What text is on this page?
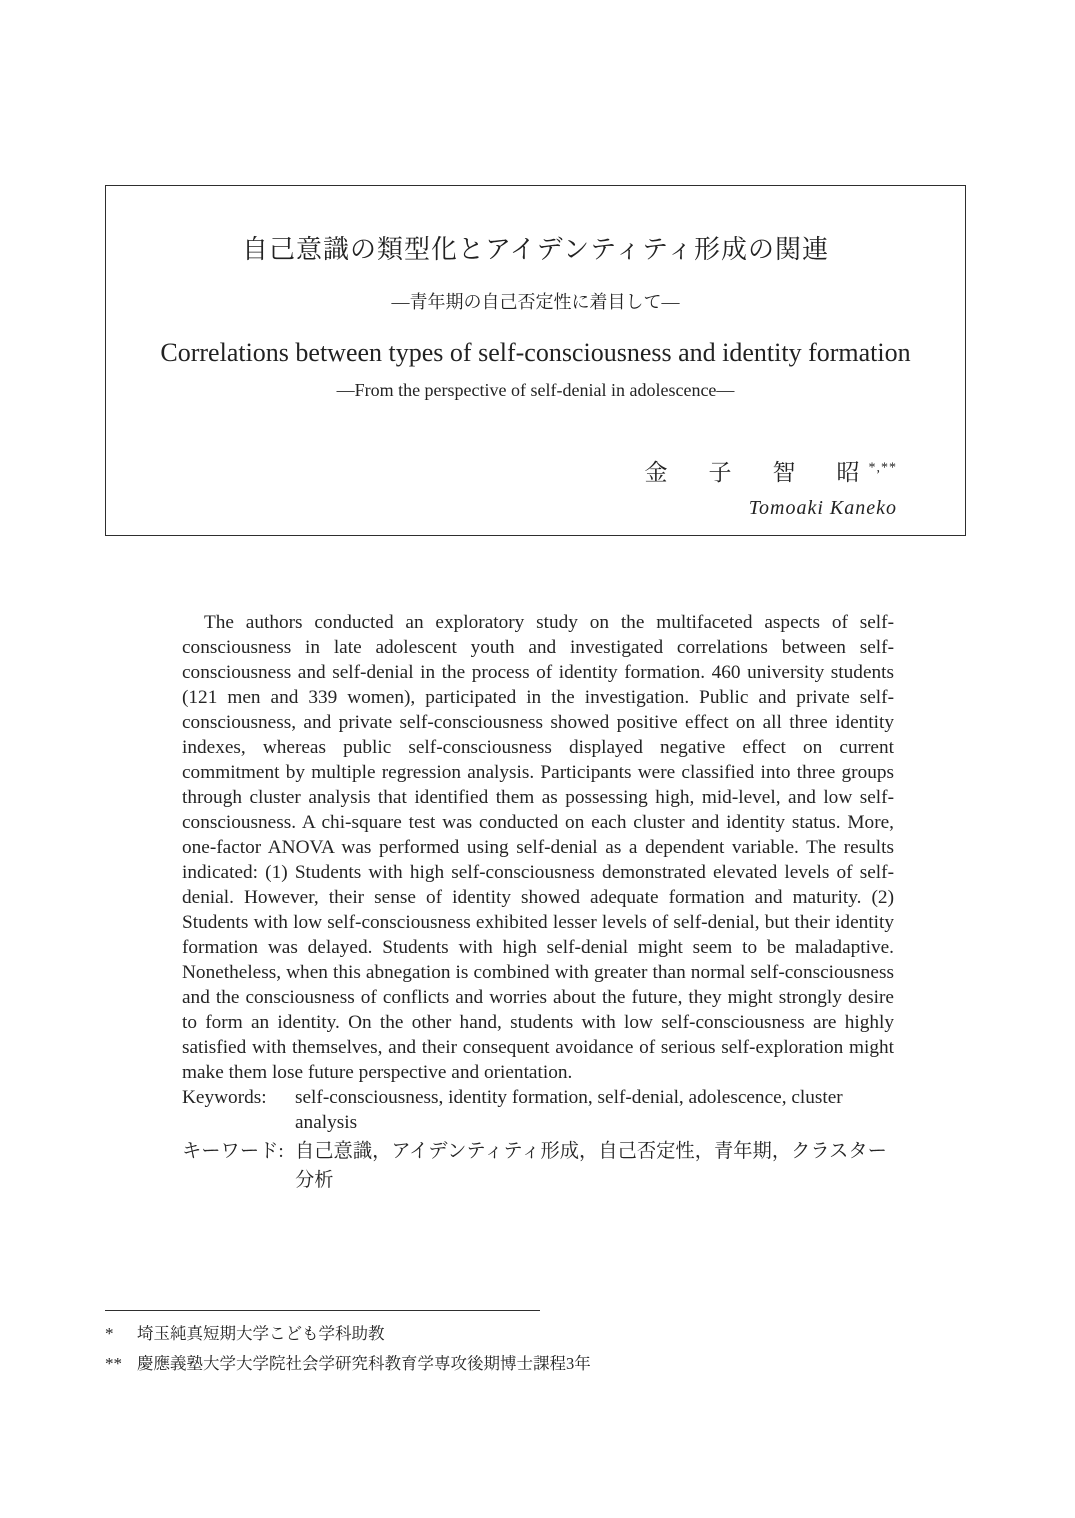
自己意識の類型化とアイデンティティ形成の関連
―青年期の自己否定性に着目して―
Correlations between types of self-consciousness and identity formation
―From the perspective of self-denial in adolescence―
金　子　智　昭*,**
Tomoaki Kaneko

The authors conducted an exploratory study on the multifaceted aspects of self-consciousness in late adolescent youth and investigated correlations between self-consciousness and self-denial in the process of identity formation. 460 university students (121 men and 339 women), participated in the investigation. Public and private self-consciousness, and private self-consciousness showed positive effect on all three identity indexes, whereas public self-consciousness displayed negative effect on current commitment by multiple regression analysis. Participants were classified into three groups through cluster analysis that identified them as possessing high, mid-level, and low self-consciousness. A chi-square test was conducted on each cluster and identity status. More, one-factor ANOVA was performed using self-denial as a dependent variable. The results indicated: (1) Students with high self-consciousness demonstrated elevated levels of self-denial. However, their sense of identity showed adequate formation and maturity. (2) Students with low self-consciousness exhibited lesser levels of self-denial, but their identity formation was delayed. Students with high self-denial might seem to be maladaptive. Nonetheless, when this abnegation is combined with greater than normal self-consciousness and the consciousness of conflicts and worries about the future, they might strongly desire to form an identity. On the other hand, students with low self-consciousness are highly satisfied with themselves, and their consequent avoidance of serious self-exploration might make them lose future perspective and orientation.

Keywords:	self-consciousness, identity formation, self-denial, adolescence, cluster analysis
キーワード: 自己意識，アイデンティティ形成，自己否定性，青年期，クラスター分析
*	埼玉純真短期大学こども学科助教
** 慶應義塾大学大学院社会学研究科教育学専攻後期博士課程3年
